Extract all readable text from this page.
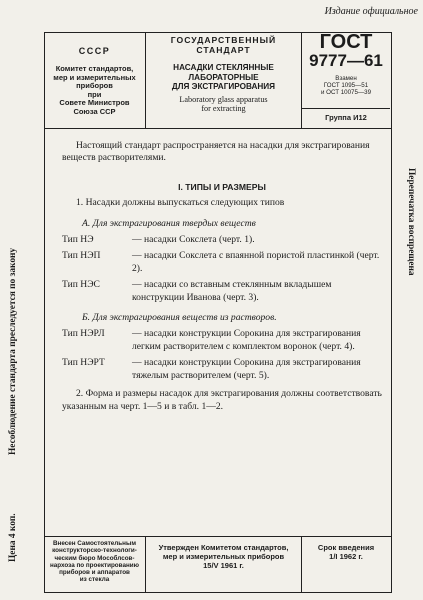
Издание официальное
СССР
Комитет стандартов,
мер и измерительных
приборов
при
Совете Министров
Союза ССР
ГОСУДАРСТВЕННЫЙ
СТАНДАРТ
НАСАДКИ СТЕКЛЯННЫЕ
ЛАБОРАТОРНЫЕ
ДЛЯ ЭКСТРАГИРОВАНИЯ
Laboratory glass apparatus
for extracting
ГОСТ
9777—61
Взамен
ГОСТ 1095—51
и ОСТ 10075—39
Группа И12

Настоящий стандарт распространяется на насадки для экстрагирования веществ растворителями.

I. ТИПЫ И РАЗМЕРЫ

1. Насадки должны выпускаться следующих типов

А. Для экстрагирования твердых веществ

Тип НЭ	— насадки Сокслета (черт. 1).
Тип НЭП	— насадки Сокслета с впаянной пористой пластинкой (черт. 2).
Тип НЭС	— насадки со вставным стеклянным вкладышем конструкции Иванова (черт. 3).

Б. Для экстрагирования веществ из растворов.

Тип НЭРЛ	— насадки конструкции Сорокина для экстрагирования легким растворителем с комплектом воронок (черт. 4).
Тип НЭРТ	— насадки конструкции Сорокина для экстрагирования тяжелым растворителем (черт. 5).

2. Форма и размеры насадок для экстрагирования должны соответствовать указанным на черт. 1—5 и в табл. 1—2.

Несоблюдение стандарта преследуется по закону
Перепечатка воспрещена
Цена 4 коп.	Внесен Самостоятельным
конструкторско-технологи-
ческим бюро Мособлсов-
нархоза по проектированию
приборов и аппаратов
из стекла
Утвержден Комитетом стандартов,
мер и измерительных приборов
15/V 1961 г.
Срок введения
1/I 1962 г.
